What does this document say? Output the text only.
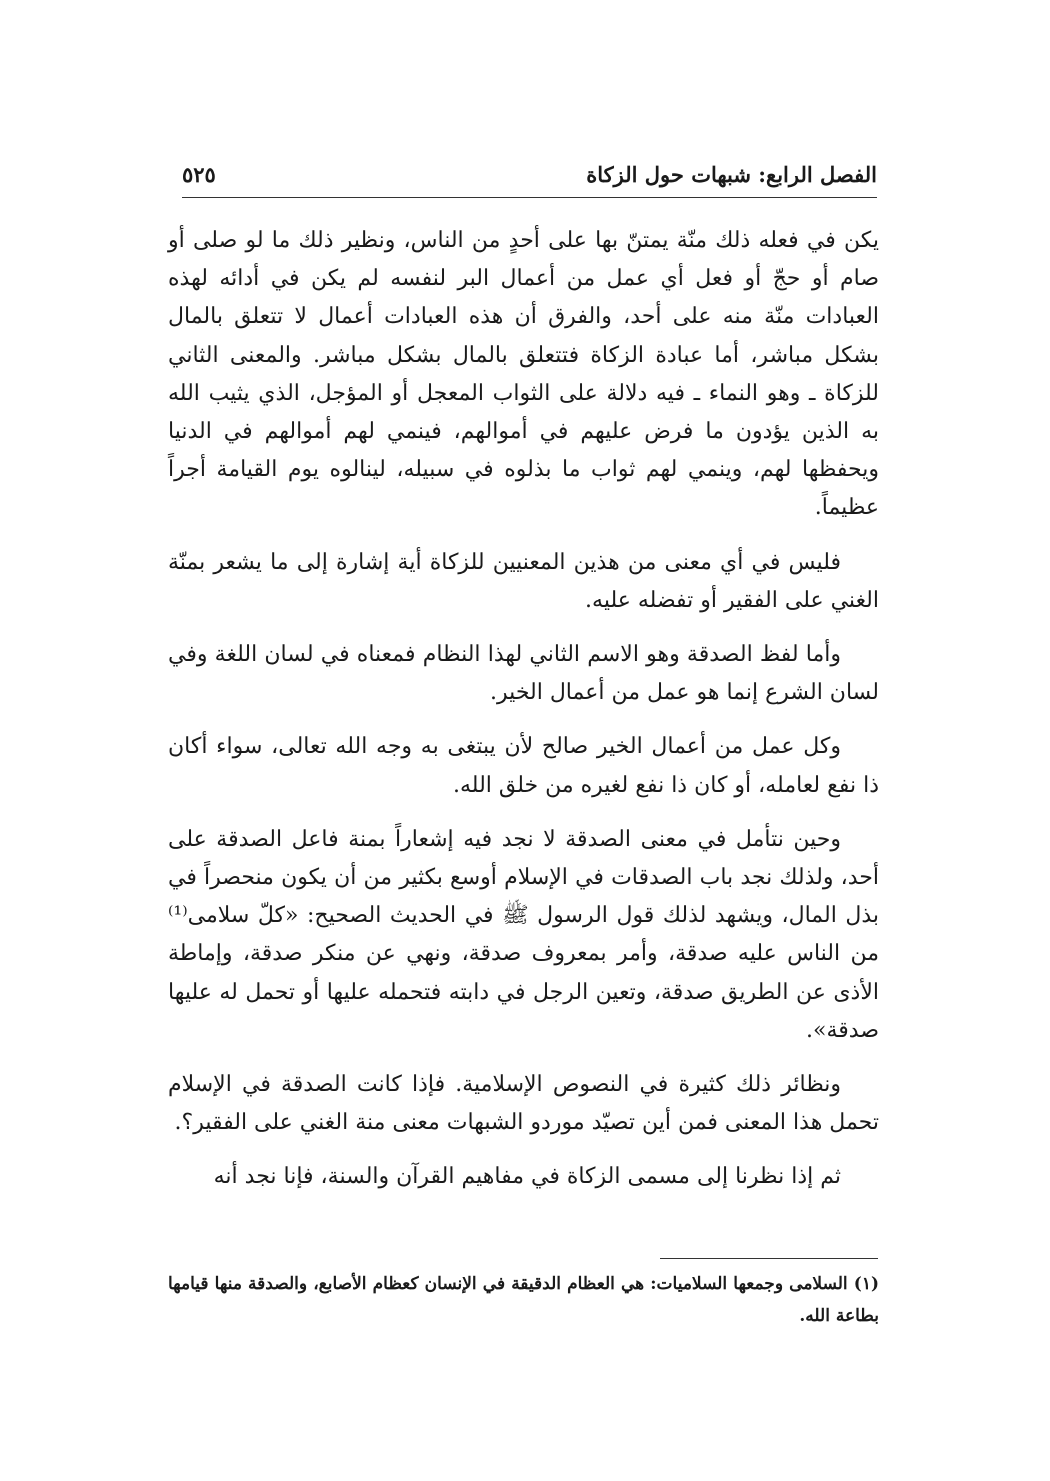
الفصل الرابع: شبهات حول الزكاة
٥٢٥

يكن في فعله ذلك منّة يمتنّ بها على أحدٍ من الناس، ونظير ذلك ما لو صلى أو صام أو حجّ أو فعل أي عمل من أعمال البر لنفسه لم يكن في أدائه لهذه العبادات منّة منه على أحد، والفرق أن هذه العبادات أعمال لا تتعلق بالمال بشكل مباشر، أما عبادة الزكاة فتتعلق بالمال بشكل مباشر. والمعنى الثاني للزكاة ـ وهو النماء ـ فيه دلالة على الثواب المعجل أو المؤجل، الذي يثيب الله به الذين يؤدون ما فرض عليهم في أموالهم، فينمي لهم أموالهم في الدنيا ويحفظها لهم، وينمي لهم ثواب ما بذلوه في سبيله، لينالوه يوم القيامة أجراً عظيماً.

فليس في أي معنى من هذين المعنيين للزكاة أية إشارة إلى ما يشعر بمنّة الغني على الفقير أو تفضله عليه.

وأما لفظ الصدقة وهو الاسم الثاني لهذا النظام فمعناه في لسان اللغة وفي لسان الشرع إنما هو عمل من أعمال الخير.

وكل عمل من أعمال الخير صالح لأن يبتغى به وجه الله تعالى، سواء أكان ذا نفع لعامله، أو كان ذا نفع لغيره من خلق الله.

وحين نتأمل في معنى الصدقة لا نجد فيه إشعاراً بمنة فاعل الصدقة على أحد، ولذلك نجد باب الصدقات في الإسلام أوسع بكثير من أن يكون منحصراً في بذل المال، ويشهد لذلك قول الرسول ﷺ في الحديث الصحيح: «كلّ سلامى⁽¹⁾ من الناس عليه صدقة، وأمر بمعروف صدقة، ونهي عن منكر صدقة، وإماطة الأذى عن الطريق صدقة، وتعين الرجل في دابته فتحمله عليها أو تحمل له عليها صدقة».

ونظائر ذلك كثيرة في النصوص الإسلامية. فإذا كانت الصدقة في الإسلام تحمل هذا المعنى فمن أين تصيّد موردو الشبهات معنى منة الغني على الفقير؟.

ثم إذا نظرنا إلى مسمى الزكاة في مفاهيم القرآن والسنة، فإنا نجد أنه

(١) السلامى وجمعها السلاميات: هي العظام الدقيقة في الإنسان كعظام الأصابع، والصدقة منها قيامها بطاعة الله.
